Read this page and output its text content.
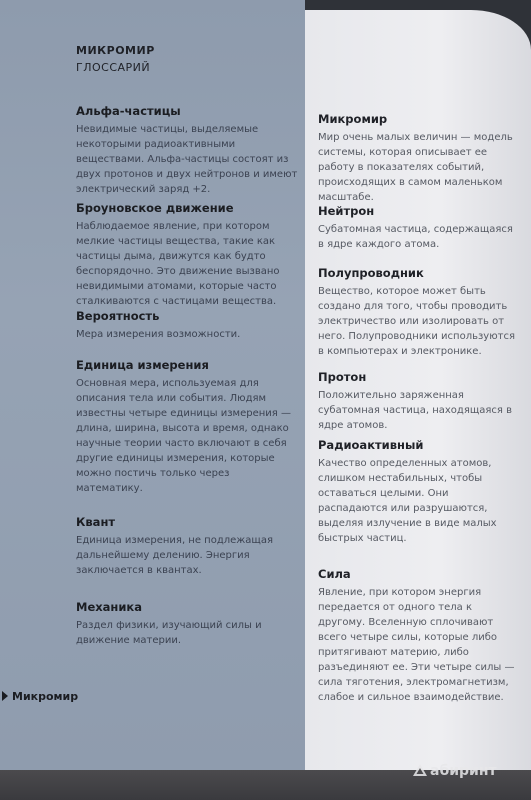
МИКРОМИР
ГЛОССАРИЙ
Альфа-частицы
Невидимые частицы, выделяемые некоторыми радиоактивными веществами. Альфа-частицы состоят из двух протонов и двух нейтронов и имеют электрический заряд +2.
Броуновское движение
Наблюдаемое явление, при котором мелкие частицы вещества, такие как частицы дыма, движутся как будто беспорядочно. Это движение вызвано невидимыми атомами, которые часто сталкиваются с частицами вещества.
Вероятность
Мера измерения возможности.
Единица измерения
Основная мера, используемая для описания тела или события. Людям известны четыре единицы измерения — длина, ширина, высота и время, однако научные теории часто включают в себя другие единицы измерения, которые можно постичь только через математику.
Квант
Единица измерения, не подлежащая дальнейшему делению. Энергия заключается в квантах.
Механика
Раздел физики, изучающий силы и движение материи.
Микромир
Мир очень малых величин — модель системы, которая описывает ее работу в показателях событий, происходящих в самом маленьком масштабе.
Нейтрон
Субатомная частица, содержащаяся в ядре каждого атома.
Полупроводник
Вещество, которое может быть создано для того, чтобы проводить электричество или изолировать от него. Полупроводники используются в компьютерах и электронике.
Протон
Положительно заряженная субатомная частица, находящаяся в ядре атомов.
Радиоактивный
Качество определенных атомов, слишком нестабильных, чтобы оставаться целыми. Они распадаются или разрушаются, выделяя излучение в виде малых быстрых частиц.
Сила
Явление, при котором энергия передается от одного тела к другому. Вселенную сплочивают всего четыре силы, которые либо притягивают материю, либо разъединяют ее. Эти четыре силы — сила тяготения, электромагнетизм, слабое и сильное взаимодействие.
Микромир
абиринт
